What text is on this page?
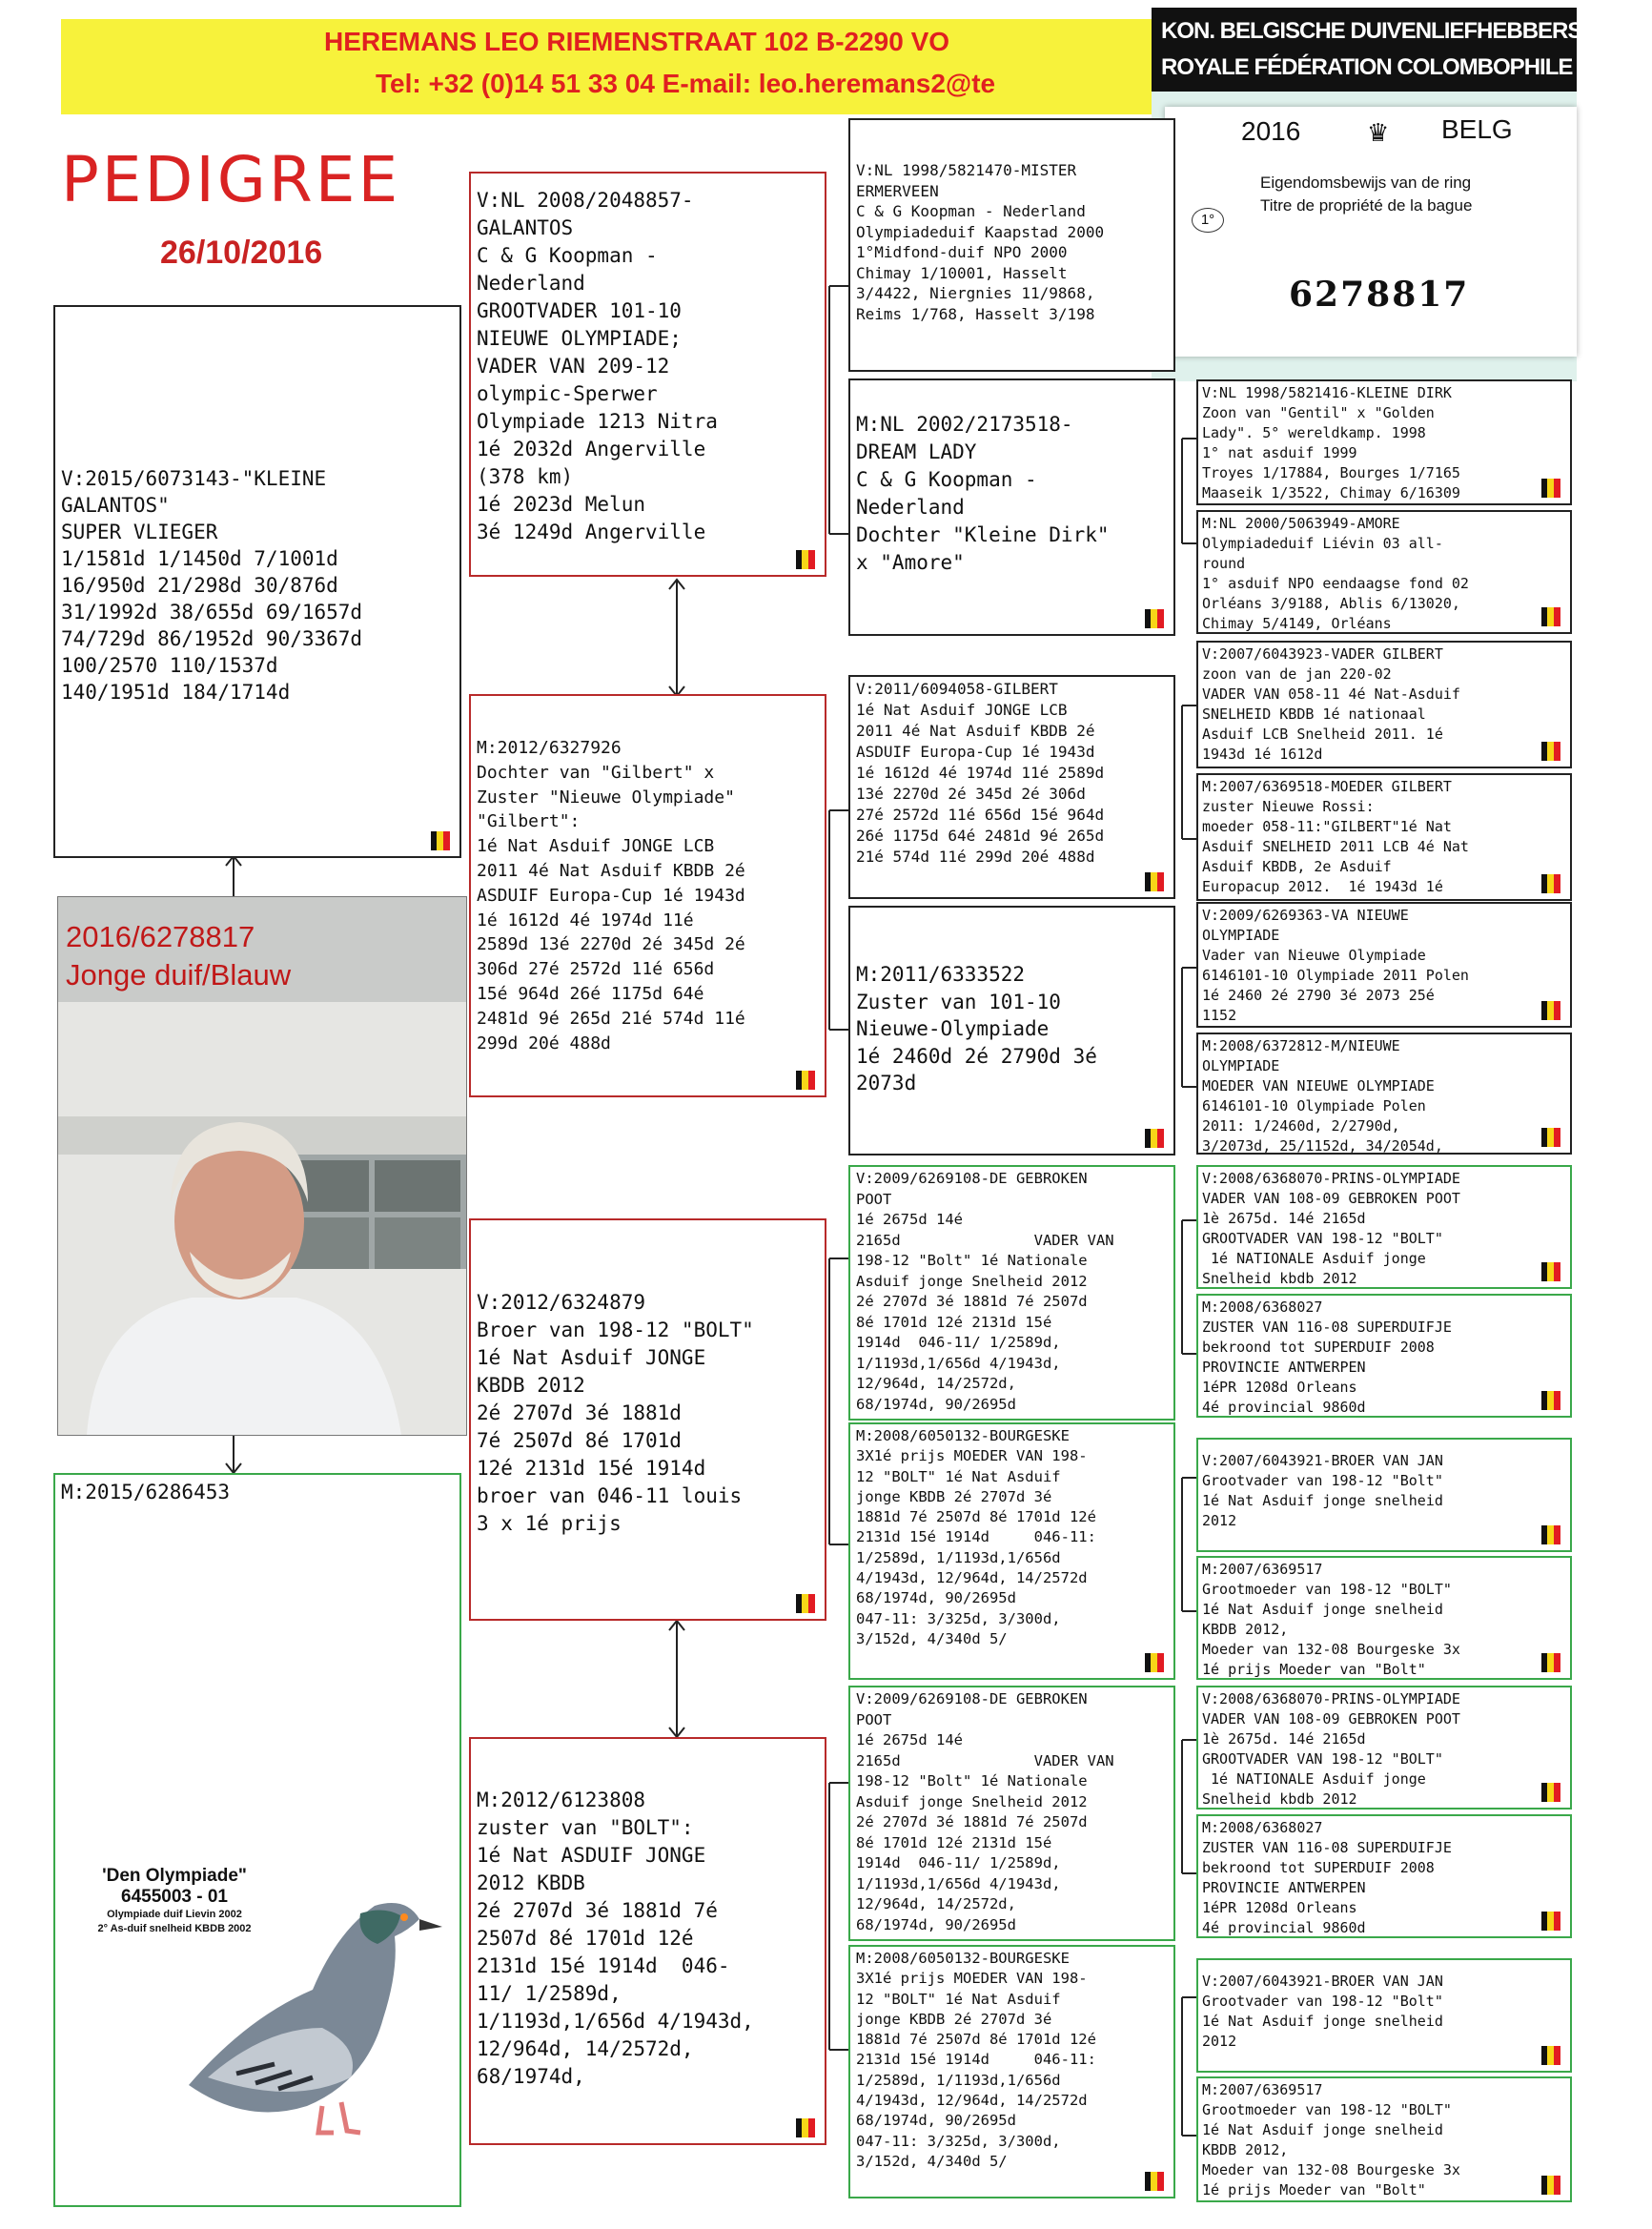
HEREMANS LEO RIEMENSTRAAT 102 B-2290 VO
Tel: +32 (0)14 51 33 04 E-mail: leo.heremans2@te
KON. BELGISCHE DUIVENLIEFHEBBERSBOND
ROYALE FÉDÉRATION COLOMBOPHILE BELGE
2016	♛ BELG
Eigendomsbewijs van de ring
Titre de propriété de la bague
1°
6278817
PEDIGREE
26/10/2016
V:2015/6073143-"KLEINE
GALANTOS"
SUPER VLIEGER
1/1581d 1/1450d 7/1001d
16/950d 21/298d 30/876d
31/1992d 38/655d 69/1657d
74/729d 86/1952d 90/3367d
100/2570 110/1537d
140/1951d 184/1714d
2016/6278817
Jonge duif/Blauw
M:2015/6286453
'Den Olympiade"
6455003 - 01
Olympiade duif Lievin 2002
2° As-duif snelheid KBDB 2002
V:NL 2008/2048857-
GALANTOS
C & G Koopman -
Nederland
GROOTVADER 101-10
NIEUWE OLYMPIADE;
VADER VAN 209-12
olympic-Sperwer
Olympiade 1213 Nitra
1é 2032d Angerville
(378 km)
1é 2023d Melun
3é 1249d Angerville
M:2012/6327926
Dochter van "Gilbert" x
Zuster "Nieuwe Olympiade"
"Gilbert":
1é Nat Asduif JONGE LCB
2011 4é Nat Asduif KBDB 2é
ASDUIF Europa-Cup 1é 1943d
1é 1612d 4é 1974d 11é
2589d 13é 2270d 2é 345d 2é
306d 27é 2572d 11é 656d
15é 964d 26é 1175d 64é
2481d 9é 265d 21é 574d 11é
299d 20é 488d
V:2012/6324879
Broer van 198-12 "BOLT"
1é Nat Asduif JONGE
KBDB 2012
2é 2707d 3é 1881d
7é 2507d 8é 1701d
12é 2131d 15é 1914d
broer van 046-11 louis
3 x 1é prijs
M:2012/6123808
zuster van "BOLT":
1é Nat ASDUIF JONGE
2012 KBDB
2é 2707d 3é 1881d 7é
2507d 8é 1701d 12é
2131d 15é 1914d  046-
11/ 1/2589d,
1/1193d,1/656d 4/1943d,
12/964d, 14/2572d,
68/1974d,
V:NL 1998/5821470-MISTER
ERMERVEEN
C & G Koopman - Nederland
Olympiadeduif Kaapstad 2000
1°Midfond-duif NPO 2000
Chimay 1/10001, Hasselt
3/4422, Niergnies 11/9868,
Reims 1/768, Hasselt 3/198
M:NL 2002/2173518-
DREAM LADY
C & G Koopman -
Nederland
Dochter "Kleine Dirk"
x "Amore"
V:2011/6094058-GILBERT
1é Nat Asduif JONGE LCB
2011 4é Nat Asduif KBDB 2é
ASDUIF Europa-Cup 1é 1943d
1é 1612d 4é 1974d 11é 2589d
13é 2270d 2é 345d 2é 306d
27é 2572d 11é 656d 15é 964d
26é 1175d 64é 2481d 9é 265d
21é 574d 11é 299d 20é 488d
M:2011/6333522
Zuster van 101-10
Nieuwe-Olympiade
1é 2460d 2é 2790d 3é
2073d
V:2009/6269108-DE GEBROKEN
POOT
1é 2675d 14é
2165d               VADER VAN
198-12 "Bolt" 1é Nationale
Asduif jonge Snelheid 2012
2é 2707d 3é 1881d 7é 2507d
8é 1701d 12é 2131d 15é
1914d  046-11/ 1/2589d,
1/1193d,1/656d 4/1943d,
12/964d, 14/2572d,
68/1974d, 90/2695d
M:2008/6050132-BOURGESKE
3X1é prijs MOEDER VAN 198-
12 "BOLT" 1é Nat Asduif
jonge KBDB 2é 2707d 3é
1881d 7é 2507d 8é 1701d 12é
2131d 15é 1914d     046-11:
1/2589d, 1/1193d,1/656d
4/1943d, 12/964d, 14/2572d
68/1974d, 90/2695d
047-11: 3/325d, 3/300d,
3/152d, 4/340d 5/
V:2009/6269108-DE GEBROKEN
POOT
1é 2675d 14é
2165d               VADER VAN
198-12 "Bolt" 1é Nationale
Asduif jonge Snelheid 2012
2é 2707d 3é 1881d 7é 2507d
8é 1701d 12é 2131d 15é
1914d  046-11/ 1/2589d,
1/1193d,1/656d 4/1943d,
12/964d, 14/2572d,
68/1974d, 90/2695d
M:2008/6050132-BOURGESKE
3X1é prijs MOEDER VAN 198-
12 "BOLT" 1é Nat Asduif
jonge KBDB 2é 2707d 3é
1881d 7é 2507d 8é 1701d 12é
2131d 15é 1914d     046-11:
1/2589d, 1/1193d,1/656d
4/1943d, 12/964d, 14/2572d
68/1974d, 90/2695d
047-11: 3/325d, 3/300d,
3/152d, 4/340d 5/
V:NL 1998/5821416-KLEINE DIRK
Zoon van "Gentil" x "Golden
Lady". 5° wereldkamp. 1998
1° nat asduif 1999
Troyes 1/17884, Bourges 1/7165
Maaseik 1/3522, Chimay 6/16309
M:NL 2000/5063949-AMORE
Olympiadeduif Liévin 03 all-
round
1° asduif NPO eendaagse fond 02
Orléans 3/9188, Ablis 6/13020,
Chimay 5/4149, Orléans
V:2007/6043923-VADER GILBERT
zoon van de jan 220-02
VADER VAN 058-11 4é Nat-Asduif
SNELHEID KBDB 1é nationaal
Asduif LCB Snelheid 2011. 1é
1943d 1é 1612d
M:2007/6369518-MOEDER GILBERT
zuster Nieuwe Rossi:
moeder 058-11:"GILBERT"1é Nat
Asduif SNELHEID 2011 LCB 4é Nat
Asduif KBDB, 2e Asduif
Europacup 2012.  1é 1943d 1é
V:2009/6269363-VA NIEUWE
OLYMPIADE
Vader van Nieuwe Olympiade
6146101-10 Olympiade 2011 Polen
1é 2460 2é 2790 3é 2073 25é
1152
M:2008/6372812-M/NIEUWE
OLYMPIADE
MOEDER VAN NIEUWE OLYMPIADE
6146101-10 Olympiade Polen
2011: 1/2460d, 2/2790d,
3/2073d, 25/1152d, 34/2054d,
V:2008/6368070-PRINS-OLYMPIADE
VADER VAN 108-09 GEBROKEN POOT
1è 2675d. 14é 2165d
GROOTVADER VAN 198-12 "BOLT"
1é NATIONALE Asduif jonge
Snelheid kbdb 2012
M:2008/6368027
ZUSTER VAN 116-08 SUPERDUIFJE
bekroond tot SUPERDUIF 2008
PROVINCIE ANTWERPEN
1éPR 1208d Orleans
4é provincial 9860d
V:2007/6043921-BROER VAN JAN
Grootvader van 198-12 "Bolt"
1é Nat Asduif jonge snelheid
2012
M:2007/6369517
Grootmoeder van 198-12 "BOLT"
1é Nat Asduif jonge snelheid
KBDB 2012,
Moeder van 132-08 Bourgeske 3x
1é prijs Moeder van "Bolt"
V:2008/6368070-PRINS-OLYMPIADE
VADER VAN 108-09 GEBROKEN POOT
1è 2675d. 14é 2165d
GROOTVADER VAN 198-12 "BOLT"
1é NATIONALE Asduif jonge
Snelheid kbdb 2012
M:2008/6368027
ZUSTER VAN 116-08 SUPERDUIFJE
bekroond tot SUPERDUIF 2008
PROVINCIE ANTWERPEN
1éPR 1208d Orleans
4é provincial 9860d
V:2007/6043921-BROER VAN JAN
Grootvader van 198-12 "Bolt"
1é Nat Asduif jonge snelheid
2012
M:2007/6369517
Grootmoeder van 198-12 "BOLT"
1é Nat Asduif jonge snelheid
KBDB 2012,
Moeder van 132-08 Bourgeske 3x
1é prijs Moeder van "Bolt"
